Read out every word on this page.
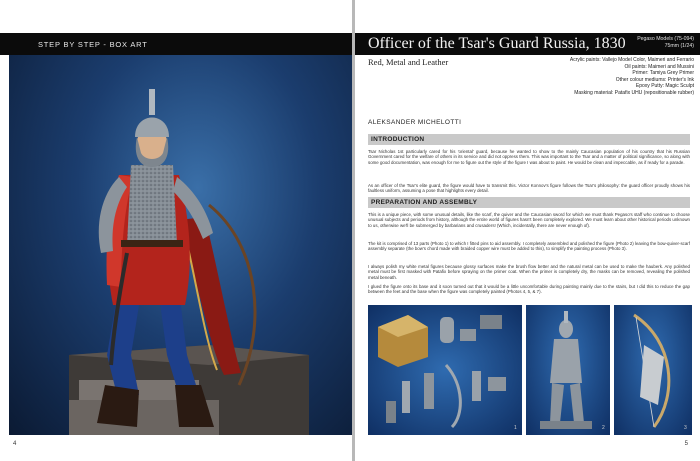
STEP BY STEP - BOX ART
4
Officer of the Tsar's Guard Russia, 1830 Pegaso Models (75-094)
75mm (1/24)
Red, Metal and Leather	Acrylic paints: Vallejo Model Color, Maimeri and Ferrario
Oil paints: Maimeri and Mussini
Primer: Tamiya Grey Primer
Other colour mediums: Printer's Ink
Epoxy Putty: Magic Sculpt
Masking material: Patafix UHU (repositionable rubber)
ALEKSANDER MICHELOTTI
INTRODUCTION

Tsar Nicholas 1st particularly cared for his 'oriental' guard, because he wanted to show to the mainly Caucasian population of his country that his Russian Government cared for the welfare of others in its service and did not oppress them. This was important to the Tsar and a matter of political significance, so along with some good documentation, was enough for me to figure out the style of the figure I was about to paint. He would be clean and impeccable, as if ready for a parade.

As an officer of the Tsar's elite guard, the figure would have to transmit this. Victor Konnov's figure follows the Tsar's philosophy: the guard officer proudly shows his faultless uniform, assuming a pose that highlights every detail.

PREPARATION AND ASSEMBLY

This is a unique piece, with some unusual details, like the scarf, the quiver and the Caucasian sword for which we must thank Pegaso's staff who continue to choose unusual subjects and periods from history, although the entire world of figures hasn't been completely explored. We must learn about other historical periods unknown to us, otherwise we'll be submerged by barbarians and crusaders! (Which, incidentally, there are never enough of).

The kit is comprised of 13 parts (Photo 1) to which I fitted pins to aid assembly. I completely assembled and polished the figure (Photo 2) leaving the bow-quiver-scarf assembly separate (the bow's chord made with braided copper wire must be added to this), to simplify the painting process (Photo 3).

I always polish my white metal figures because glossy surfaces make the brush flow better and the natural metal can be used to make the hauberk. Any polished metal must be first masked with Patafix before spraying on the primer coat. When the primer is completely dry, the masks can be removed, revealing the polished metal beneath.

I glued the figure onto its base and it soon turned out that it would be a little uncomfortable during painting mainly due to the stairs, but I did this to reduce the gap between the feet and the base when the figure was completely painted (Photos 4, 5, & 7).

1	2	3
5
